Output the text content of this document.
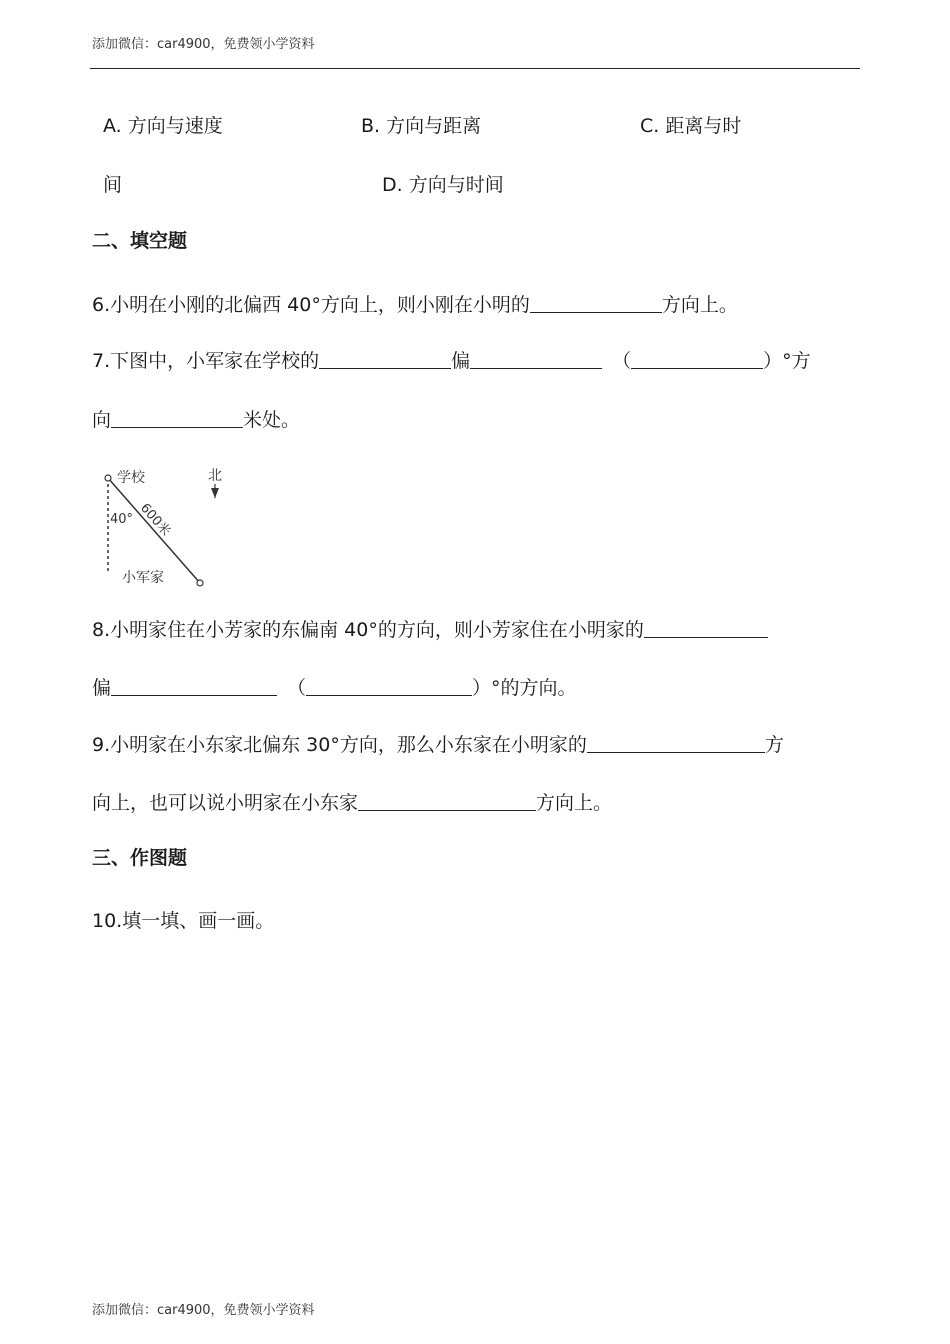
添加微信：car4900，免费领小学资料
A. 方向与速度	B. 方向与距离	C. 距离与时
间	D. 方向与时间
二、填空题
6.小明在小刚的北偏西 40°方向上，则小刚在小明的	方向上。
7.下图中，小军家在学校的	偏	（	）°方
向	米处。
学校	北
40° 600米
小军家
8.小明家住在小芳家的东偏南 40°的方向，则小芳家住在小明家的
偏	（	）°的方向。
9.小明家在小东家北偏东 30°方向，那么小东家在小明家的	方
向上，也可以说小明家在小东家	方向上。
三、作图题
10.填一填、画一画。
添加微信：car4900，免费领小学资料
